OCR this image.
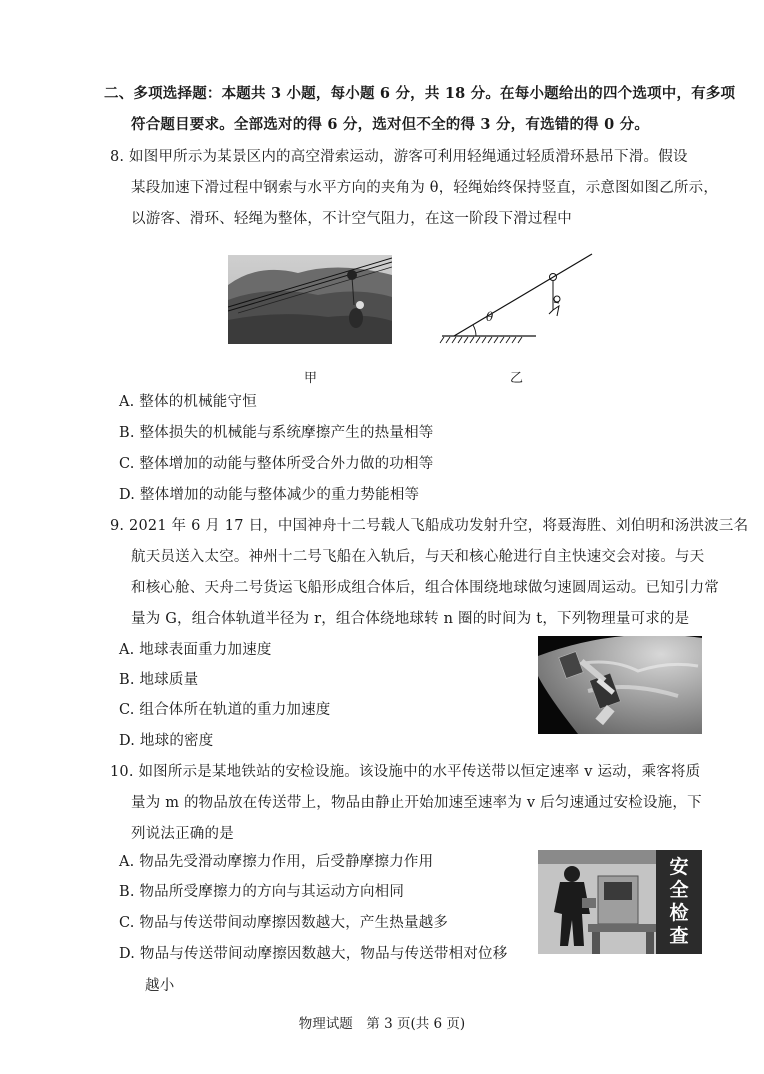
二、多项选择题：本题共 3 小题，每小题 6 分，共 18 分。在每小题给出的四个选项中，有多项
符合题目要求。全部选对的得 6 分，选对但不全的得 3 分，有选错的得 0 分。
8. 如图甲所示为某景区内的高空滑索运动，游客可利用轻绳通过轻质滑环悬吊下滑。假设
某段加速下滑过程中钢索与水平方向的夹角为 θ，轻绳始终保持竖直，示意图如图乙所示，
以游客、滑环、轻绳为整体，不计空气阻力，在这一阶段下滑过程中
θ
甲	乙
A. 整体的机械能守恒
B. 整体损失的机械能与系统摩擦产生的热量相等
C. 整体增加的动能与整体所受合外力做的功相等
D. 整体增加的动能与整体减少的重力势能相等
9. 2021 年 6 月 17 日，中国神舟十二号载人飞船成功发射升空，将聂海胜、刘伯明和汤洪波三名
航天员送入太空。神州十二号飞船在入轨后，与天和核心舱进行自主快速交会对接。与天
和核心舱、天舟二号货运飞船形成组合体后，组合体围绕地球做匀速圆周运动。已知引力常
量为 G，组合体轨道半径为 r，组合体绕地球转 n 圈的时间为 t，下列物理量可求的是
A. 地球表面重力加速度
B. 地球质量
C. 组合体所在轨道的重力加速度
D. 地球的密度
10. 如图所示是某地铁站的安检设施。该设施中的水平传送带以恒定速率 v 运动，乘客将质
量为 m 的物品放在传送带上，物品由静止开始加速至速率为 v 后匀速通过安检设施，下
列说法正确的是
A. 物品先受滑动摩擦力作用，后受静摩擦力作用
B. 物品所受摩擦力的方向与其运动方向相同
C. 物品与传送带间动摩擦因数越大，产生热量越多
D. 物品与传送带间动摩擦因数越大，物品与传送带相对位移
越小
安
全
检
查
物理试题　第 3 页(共 6 页)
